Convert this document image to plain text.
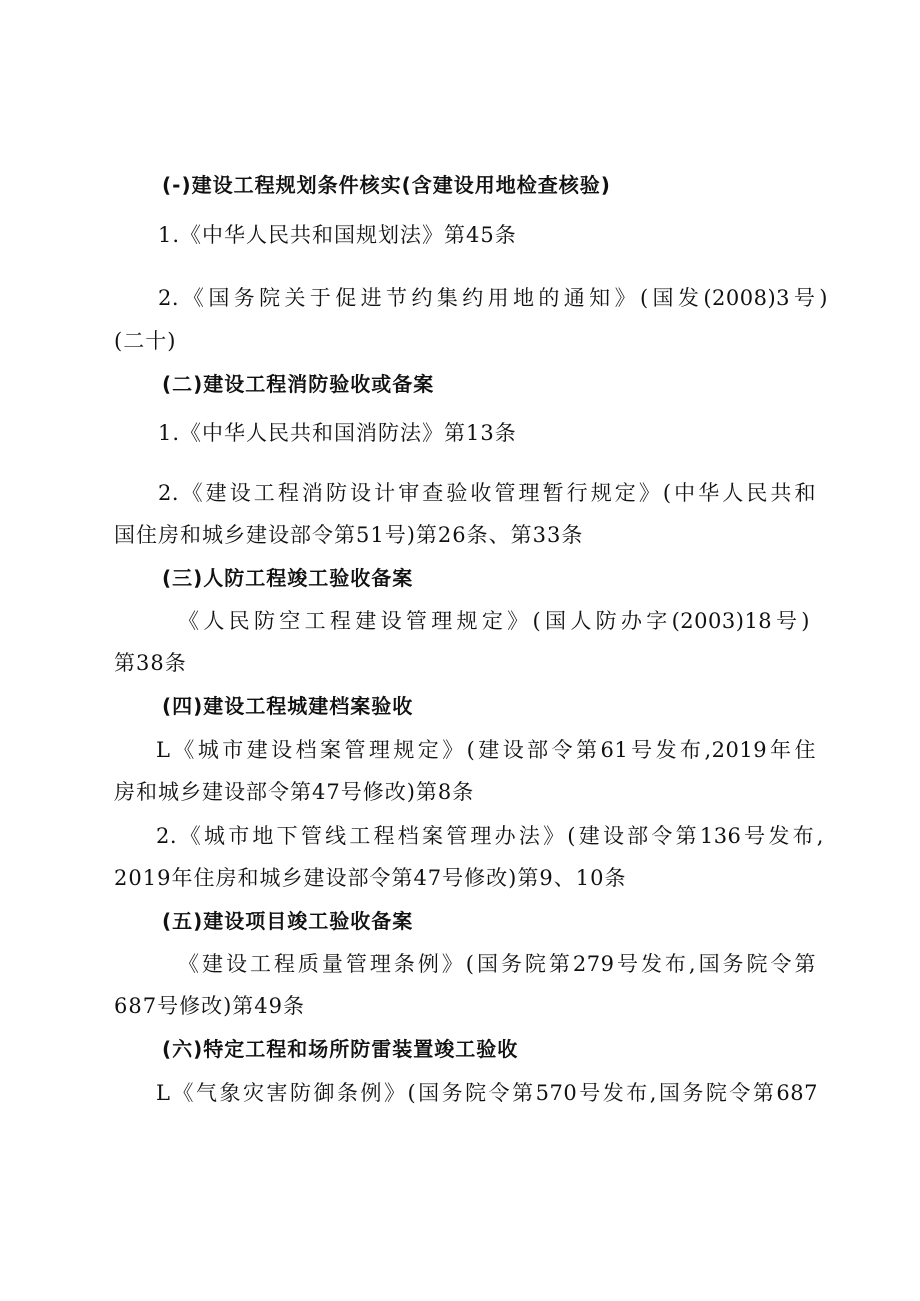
(-)建设工程规划条件核实(含建设用地检查核验)
1.《中华人民共和国规划法》第45条
2.《国务院关于促进节约集约用地的通知》(国发(2008)3号)
(二十)
(二)建设工程消防验收或备案
1.《中华人民共和国消防法》第13条
2.《建设工程消防设计审查验收管理暂行规定》(中华人民共和
国住房和城乡建设部令第51号)第26条、第33条
(三)人防工程竣工验收备案
《人民防空工程建设管理规定》(国人防办字(2003)18号)
第38条
(四)建设工程城建档案验收
L《城市建设档案管理规定》(建设部令第61号发布,2019年住
房和城乡建设部令第47号修改)第8条
2.《城市地下管线工程档案管理办法》(建设部令第136号发布,
2019年住房和城乡建设部令第47号修改)第9、10条
(五)建设项目竣工验收备案
《建设工程质量管理条例》(国务院第279号发布,国务院令第
687号修改)第49条
(六)特定工程和场所防雷装置竣工验收
L《气象灾害防御条例》(国务院令第570号发布,国务院令第687
